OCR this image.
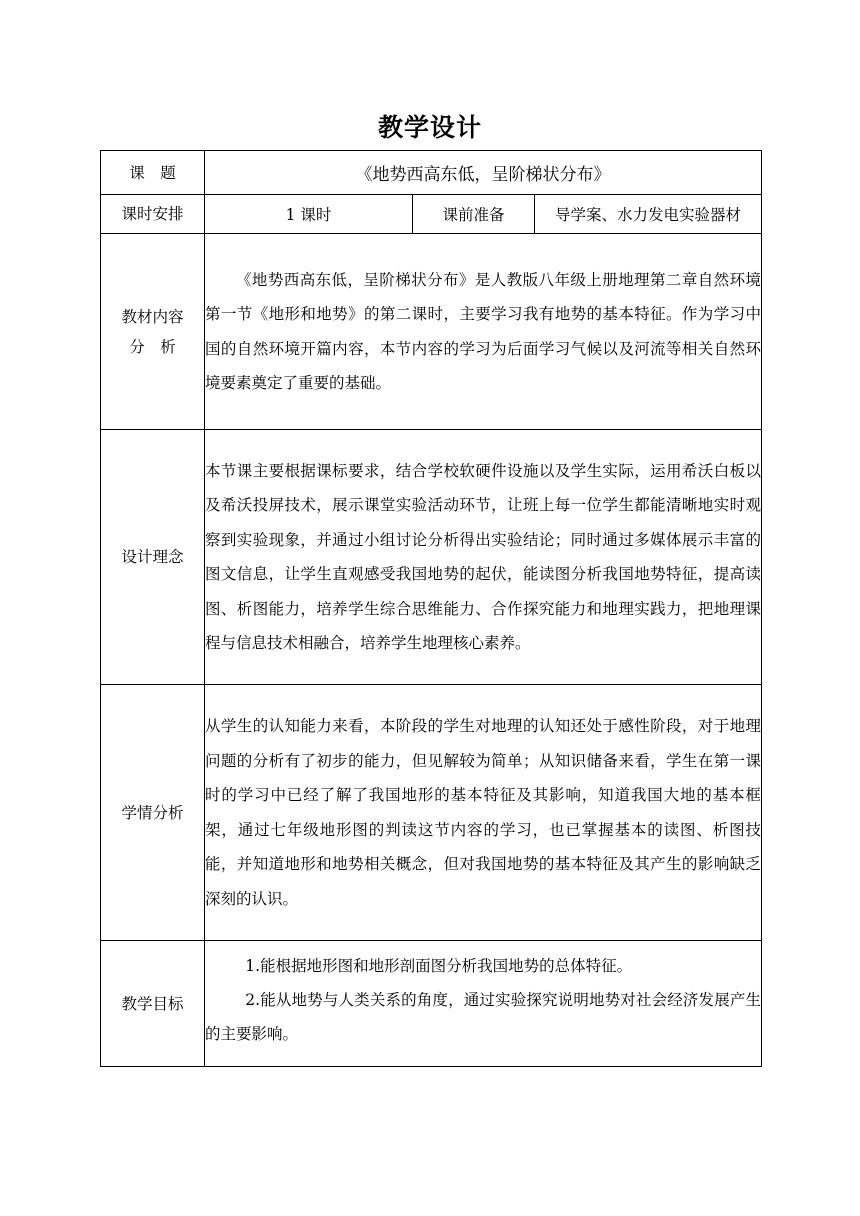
教学设计
课　题	《地势西高东低，呈阶梯状分布》		
课时安排	1 课时	课前准备	导学案、水力发电实验器材

教材内容
分　析	《地势西高东低，呈阶梯状分布》是人教版八年级上册地理第二章自然环境第一节《地形和地势》的第二课时，主要学习我有地势的基本特征。作为学习中国的自然环境开篇内容，本节内容的学习为后面学习气候以及河流等相关自然环境要素奠定了重要的基础。		

设计理念	本节课主要根据课标要求，结合学校软硬件设施以及学生实际，运用希沃白板以及希沃投屏技术，展示课堂实验活动环节，让班上每一位学生都能清晰地实时观察到实验现象，并通过小组讨论分析得出实验结论；同时通过多媒体展示丰富的图文信息，让学生直观感受我国地势的起伏，能读图分析我国地势特征，提高读图、析图能力，培养学生综合思维能力、合作探究能力和地理实践力，把地理课程与信息技术相融合，培养学生地理核心素养。		

学情分析	从学生的认知能力来看，本阶段的学生对地理的认知还处于感性阶段，对于地理问题的分析有了初步的能力，但见解较为简单；从知识储备来看，学生在第一课时的学习中已经了解了我国地形的基本特征及其影响，知道我国大地的基本框架，通过七年级地形图的判读这节内容的学习，也已掌握基本的读图、析图技能，并知道地形和地势相关概念，但对我国地势的基本特征及其产生的影响缺乏深刻的认识。		

教学目标	1.能根据地形图和地形剖面图分析我国地势的总体特征。

2.能从地势与人类关系的角度，通过实验探究说明地势对社会经济发展产生的主要影响。		
